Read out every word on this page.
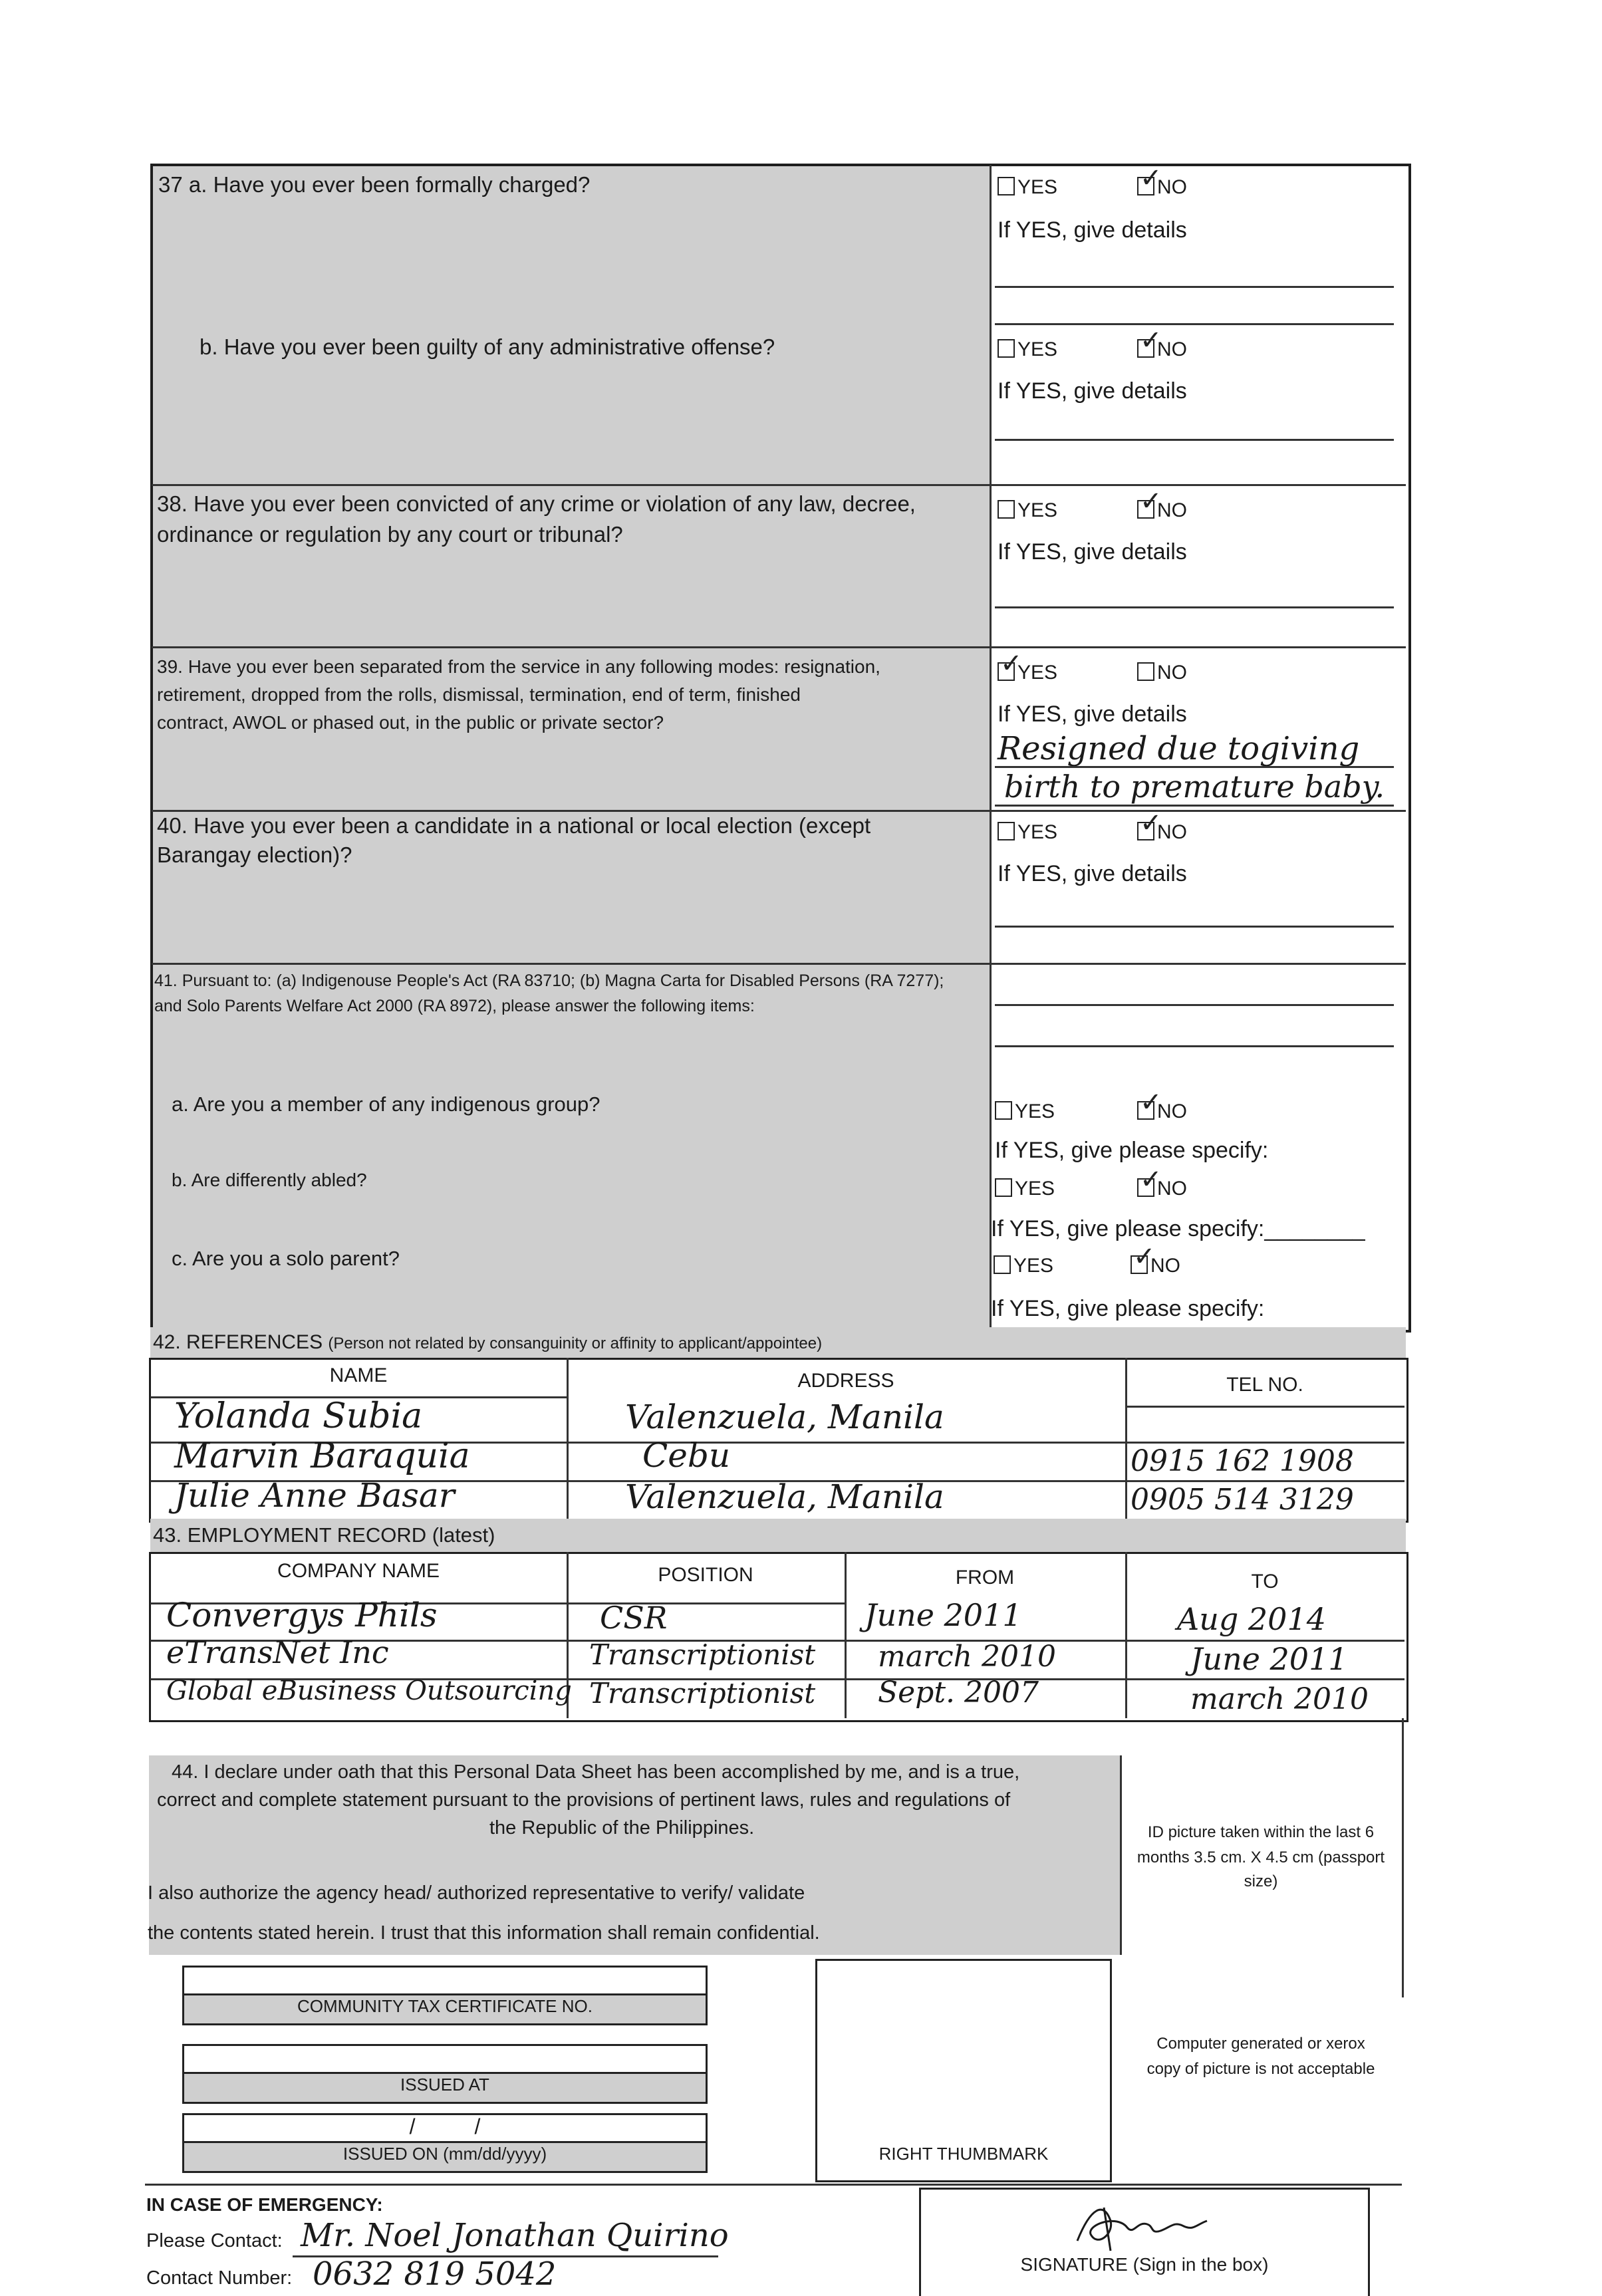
37 a. Have you ever been formally charged?	YES ✓	NO
If YES, give details
b. Have you ever been guilty of any administrative offense?	YES ✓	NO
If YES, give details
38. Have you ever been convicted of any crime or violation of any law, decree,
ordinance or regulation by any court or tribunal?
YES ✓	NO
If YES, give details
39. Have you ever been separated from the service in any following modes: resignation,
retirement, dropped from the rolls, dismissal, termination, end of term, finished
contract, AWOL or phased out, in the public or private sector?
✓YES	NO
If YES, give details
Resigned due togiving
birth to premature baby.
40. Have you ever been a candidate in a national or local election (except
Barangay election)?
YES ✓	NO
If YES, give details
41. Pursuant to: (a) Indigenouse People's Act (RA 83710; (b) Magna Carta for Disabled Persons (RA 7277);
and Solo Parents Welfare Act 2000 (RA 8972), please answer the following items:
a. Are you a member of any indigenous group?	YES ✓	NO
If YES, give please specify:
b. Are differently abled?	YES ✓	NO
If YES, give please specify:________
c. Are you a solo parent?	YES ✓	NO
If YES, give please specify:
42. REFERENCES (Person not related by consanguinity or affinity to applicant/appointee)
NAME	ADDRESS	TEL NO.
Yolanda Subia	Valenzuela, Manila
Marvin Baraquia	Cebu	0915 162 1908
Julie Anne Basar	Valenzuela, Manila	0905 514 3129
43. EMPLOYMENT RECORD (latest)
COMPANY NAME	POSITION	FROM	TO
Convergys Phils	CSR	June 2011	Aug 2014
eTransNet Inc	Transcriptionist march 2010	June 2011
Global eBusiness Outsourcing Transcriptionist Sept. 2007	march 2010
44. I declare under oath that this Personal Data Sheet has been accomplished by me, and is a true,
correct and complete statement pursuant to the provisions of pertinent laws, rules and regulations of
the Republic of the Philippines.
I also authorize the agency head/ authorized representative to verify/ validate
the contents stated herein. I trust that this information shall remain confidential.
ID picture taken within the last 6
months 3.5 cm. X 4.5 cm (passport
size)
Computer generated or xerox
copy of picture is not acceptable
COMMUNITY TAX CERTIFICATE NO.
ISSUED AT
/          /
ISSUED ON (mm/dd/yyyy)	RIGHT THUMBMARK
IN CASE OF EMERGENCY:
Please Contact: Mr. Noel Jonathan Quirino
Contact Number: 0632 819 5042	SIGNATURE (Sign in the box)
